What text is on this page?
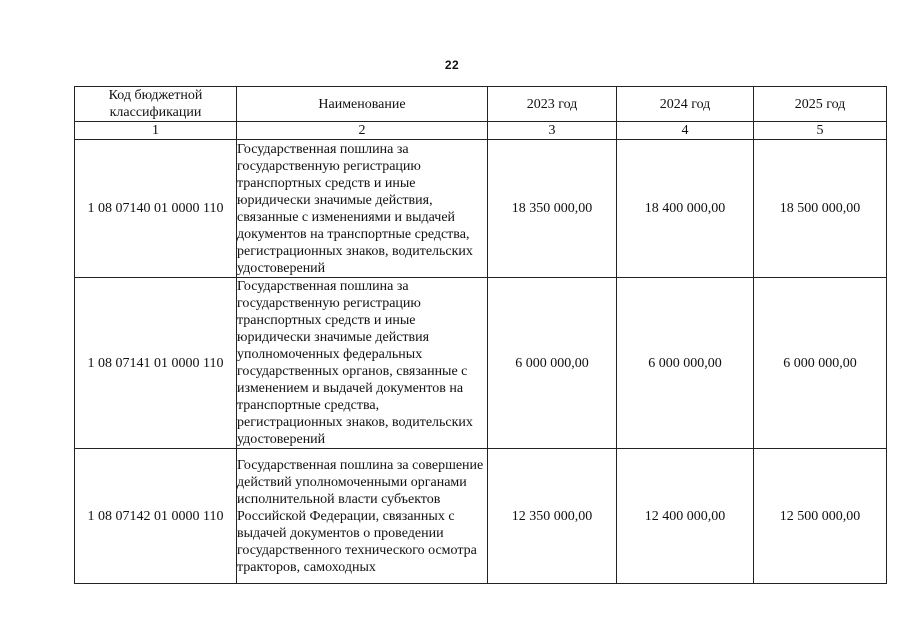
22
Код бюджетной классификации	Наименование	2023 год	2024 год	2025 год
1	2	3	4	5
1 08 07140 01 0000 110	Государственная пошлина за государственную регистрацию транспортных средств и иные юридически значимые действия, связанные с изменениями и выдачей документов на транспортные средства, регистрационных знаков, водительских удостоверений	18 350 000,00	18 400 000,00	18 500 000,00
1 08 07141 01 0000 110	Государственная пошлина за государственную регистрацию транспортных средств и иные юридически значимые действия уполномоченных федеральных государственных органов, связанные с изменением и выдачей документов на транспортные средства, регистрационных знаков, водительских удостоверений	6 000 000,00	6 000 000,00	6 000 000,00
1 08 07142 01 0000 110	Государственная пошлина за совершение действий уполномоченными органами исполнительной власти субъектов Российской Федерации, связанных с выдачей документов о проведении государственного технического осмотра тракторов, самоходных	12 350 000,00	12 400 000,00	12 500 000,00
